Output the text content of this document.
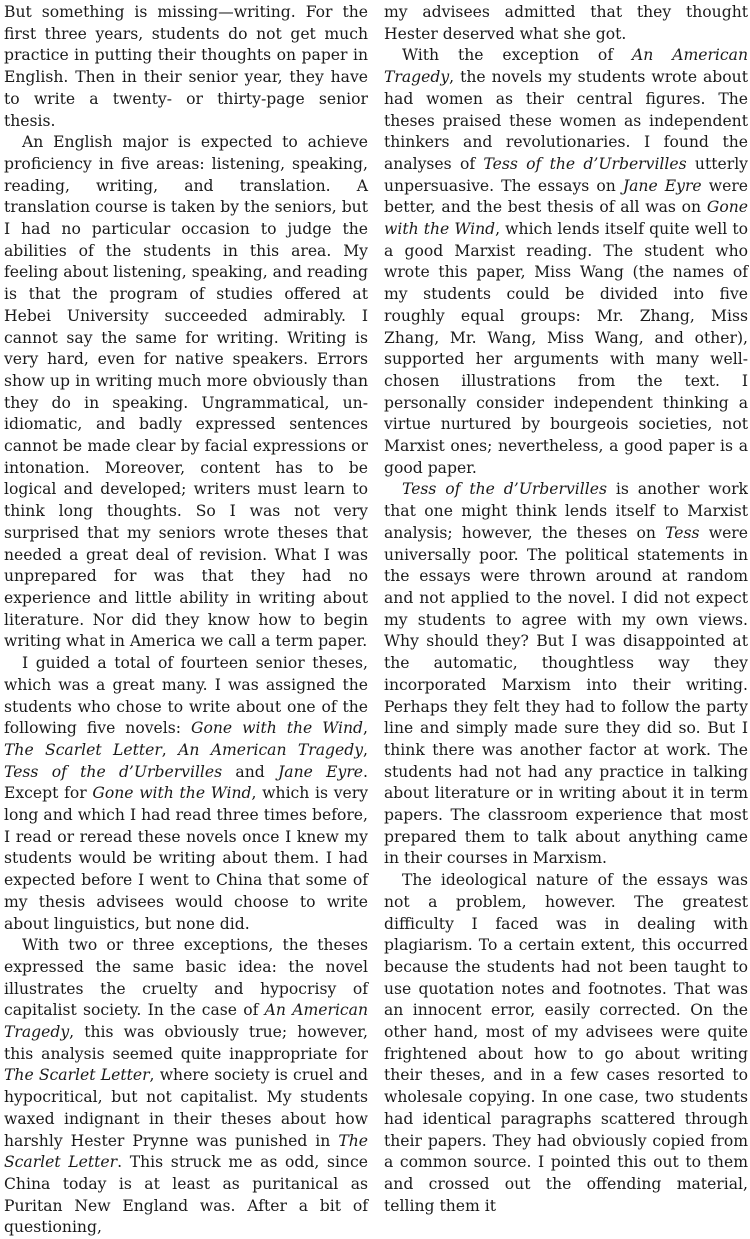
But something is missing—writing. For the first three years, students do not get much practice in putting their thoughts on paper in English. Then in their senior year, they have to write a twenty- or thirty-page senior thesis.

An English major is expected to achieve proficiency in five areas: listening, speaking, reading, writing, and translation. A translation course is taken by the seniors, but I had no particular occasion to judge the abilities of the students in this area. My feeling about listening, speaking, and reading is that the program of studies offered at Hebei University succeeded admirably. I cannot say the same for writing. Writing is very hard, even for native speakers. Errors show up in writing much more obviously than they do in speaking. Ungrammatical, un-idiomatic, and badly expressed sentences cannot be made clear by facial expressions or intonation. Moreover, content has to be logical and developed; writers must learn to think long thoughts. So I was not very surprised that my seniors wrote theses that needed a great deal of revision. What I was unprepared for was that they had no experience and little ability in writing about literature. Nor did they know how to begin writing what in America we call a term paper.

I guided a total of fourteen senior theses, which was a great many. I was assigned the students who chose to write about one of the following five novels: Gone with the Wind, The Scarlet Letter, An American Tragedy, Tess of the d’Urbervilles and Jane Eyre. Except for Gone with the Wind, which is very long and which I had read three times before, I read or reread these novels once I knew my students would be writing about them. I had expected before I went to China that some of my thesis advisees would choose to write about linguistics, but none did.

With two or three exceptions, the theses expressed the same basic idea: the novel illustrates the cruelty and hypocrisy of capitalist society. In the case of An American Tragedy, this was obviously true; however, this analysis seemed quite inappropriate for The Scarlet Letter, where society is cruel and hypocritical, but not capitalist. My students waxed indignant in their theses about how harshly Hester Prynne was punished in The Scarlet Letter. This struck me as odd, since China today is at least as puritanical as Puritan New England was. After a bit of questioning,

my advisees admitted that they thought Hester deserved what she got.

With the exception of An American Tragedy, the novels my students wrote about had women as their central figures. The theses praised these women as independent thinkers and revolutionaries. I found the analyses of Tess of the d’Urbervilles utterly unpersuasive. The essays on Jane Eyre were better, and the best thesis of all was on Gone with the Wind, which lends itself quite well to a good Marxist reading. The student who wrote this paper, Miss Wang (the names of my students could be divided into five roughly equal groups: Mr. Zhang, Miss Zhang, Mr. Wang, Miss Wang, and other), supported her arguments with many well-chosen illustrations from the text. I personally consider independent thinking a virtue nurtured by bourgeois societies, not Marxist ones; nevertheless, a good paper is a good paper.

Tess of the d’Urbervilles is another work that one might think lends itself to Marxist analysis; however, the theses on Tess were universally poor. The political statements in the essays were thrown around at random and not applied to the novel. I did not expect my students to agree with my own views. Why should they? But I was disappointed at the automatic, thoughtless way they incorporated Marxism into their writing. Perhaps they felt they had to follow the party line and simply made sure they did so. But I think there was another factor at work. The students had not had any practice in talking about literature or in writing about it in term papers. The classroom experience that most prepared them to talk about anything came in their courses in Marxism.

The ideological nature of the essays was not a problem, however. The greatest difficulty I faced was in dealing with plagiarism. To a certain extent, this occurred because the students had not been taught to use quotation notes and footnotes. That was an innocent error, easily corrected. On the other hand, most of my advisees were quite frightened about how to go about writing their theses, and in a few cases resorted to wholesale copying. In one case, two students had identical paragraphs scattered through their papers. They had obviously copied from a common source. I pointed this out to them and crossed out the offending material, telling them it
